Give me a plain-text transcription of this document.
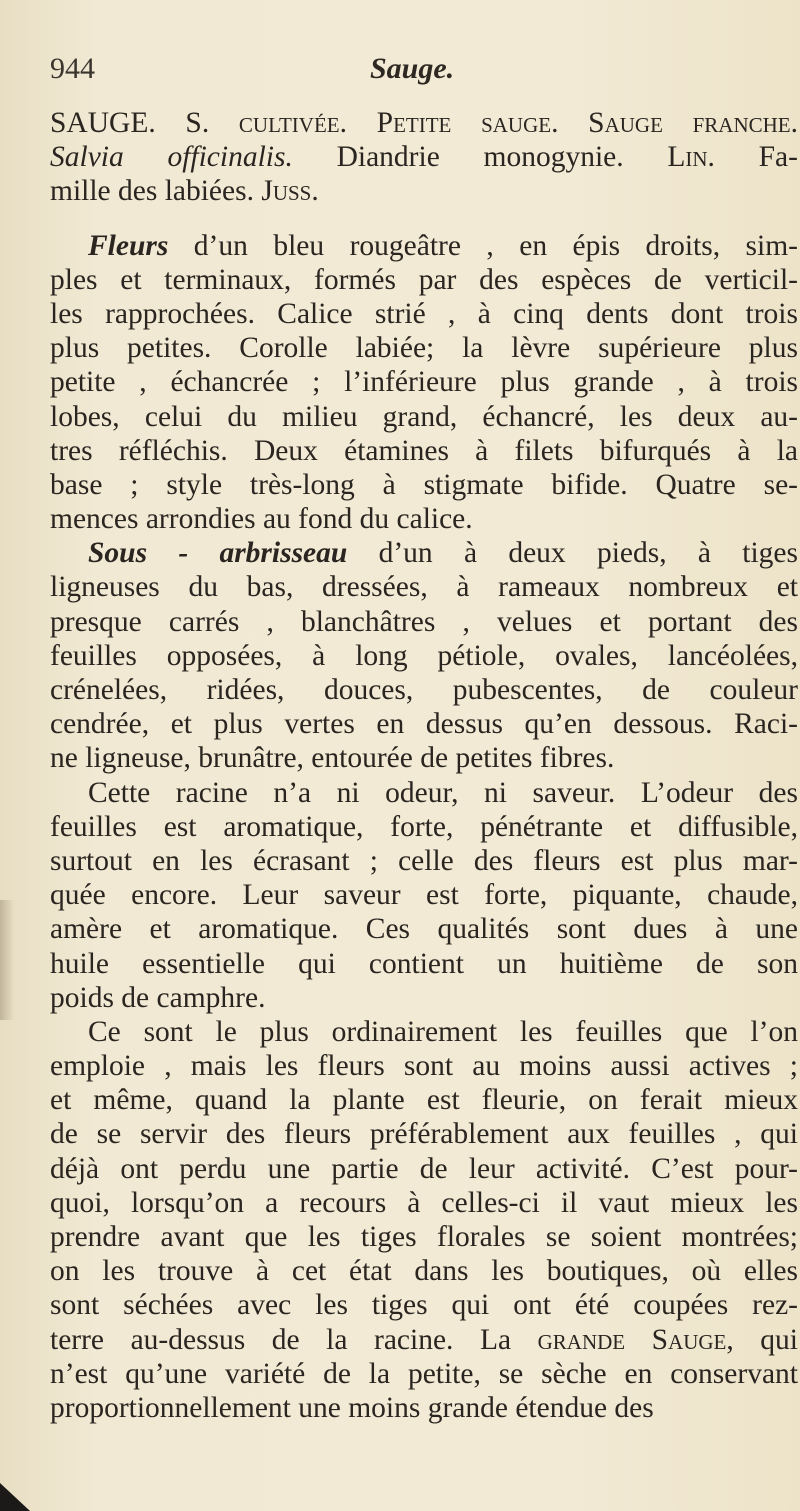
944	Sauge.
SAUGE. S. cultivée. Petite sauge. Sauge franche.
Salvia officinalis. Diandrie monogynie. Lin. Fa-
mille des labiées. Juss.
Fleurs d’un bleu rougeâtre , en épis droits, sim-
ples et terminaux, formés par des espèces de verticil-
les rapprochées. Calice strié , à cinq dents dont trois
plus petites. Corolle labiée; la lèvre supérieure plus
petite , échancrée ; l’inférieure plus grande , à trois
lobes, celui du milieu grand, échancré, les deux au-
tres réfléchis. Deux étamines à filets bifurqués à la
base ; style très-long à stigmate bifide. Quatre se-
mences arrondies au fond du calice.
Sous - arbrisseau d’un à deux pieds, à tiges
ligneuses du bas, dressées, à rameaux nombreux et
presque carrés , blanchâtres , velues et portant des
feuilles opposées, à long pétiole, ovales, lancéolées,
crénelées, ridées, douces, pubescentes, de couleur
cendrée, et plus vertes en dessus qu’en dessous. Raci-
ne ligneuse, brunâtre, entourée de petites fibres.
Cette racine n’a ni odeur, ni saveur. L’odeur des
feuilles est aromatique, forte, pénétrante et diffusible,
surtout en les écrasant ; celle des fleurs est plus mar-
quée encore. Leur saveur est forte, piquante, chaude,
amère et aromatique. Ces qualités sont dues à une
huile essentielle qui contient un huitième de son
poids de camphre.
Ce sont le plus ordinairement les feuilles que l’on
emploie , mais les fleurs sont au moins aussi actives ;
et même, quand la plante est fleurie, on ferait mieux
de se servir des fleurs préférablement aux feuilles , qui
déjà ont perdu une partie de leur activité. C’est pour-
quoi, lorsqu’on a recours à celles-ci il vaut mieux les
prendre avant que les tiges florales se soient montrées;
on les trouve à cet état dans les boutiques, où elles
sont séchées avec les tiges qui ont été coupées rez-
terre au-dessus de la racine. La grande Sauge, qui
n’est qu’une variété de la petite, se sèche en conservant
proportionnellement une moins grande étendue des
